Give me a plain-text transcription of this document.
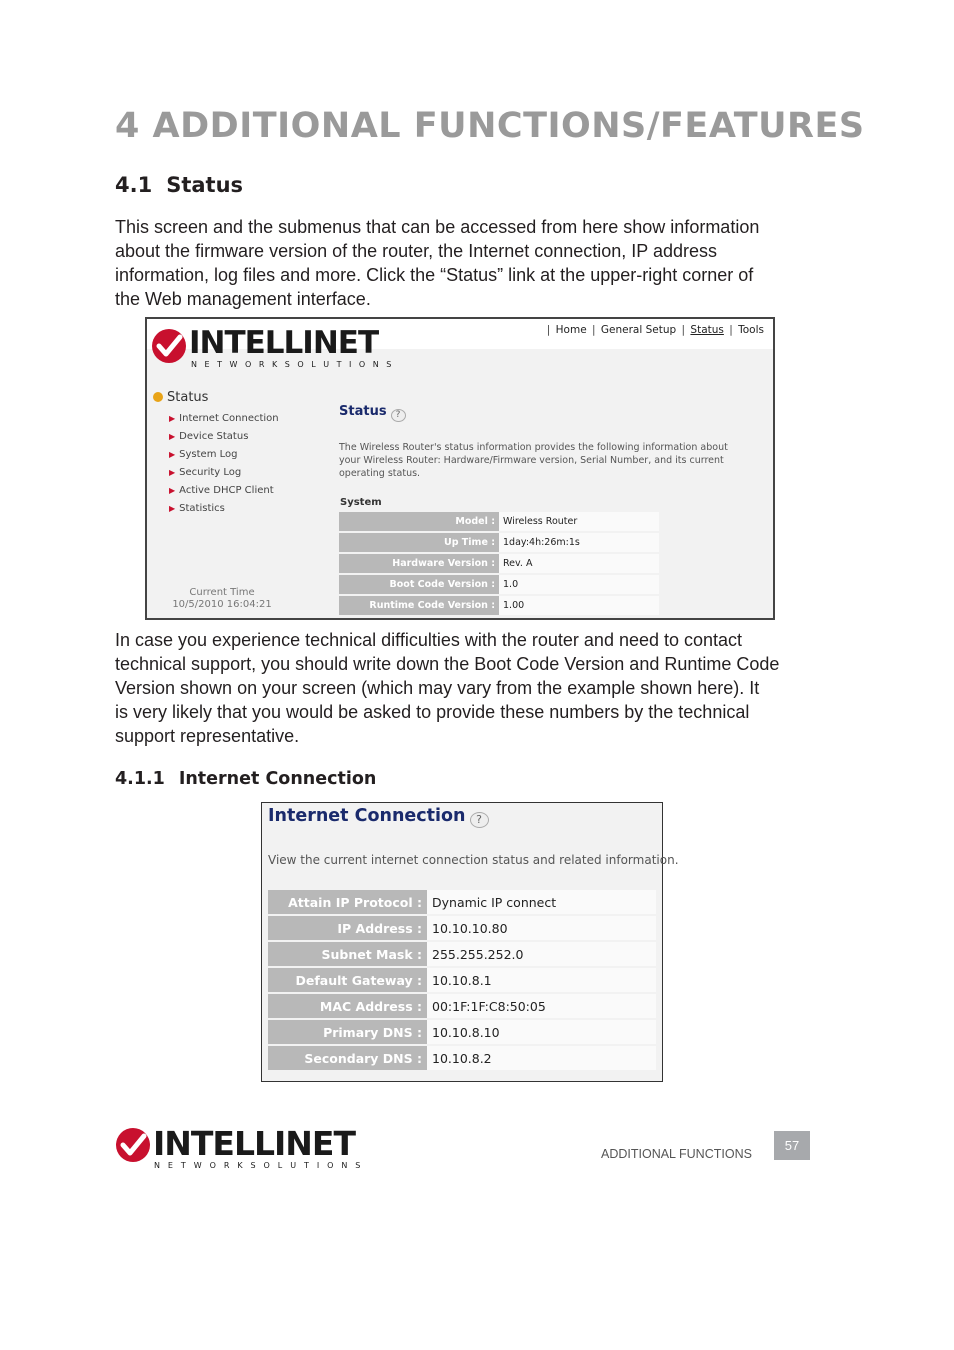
4 ADDITIONAL FUNCTIONS/FEATURES
4.1 Status
This screen and the submenus that can be accessed from here show information
about the firmware version of the router, the Internet connection, IP address
information, log files and more. Click the “Status” link at the upper-right corner of
the Web management interface.
| Home | General Setup | Status | Tools
INTELLINET
N E T W O R K S O L U T I O N S
Status
▶ Internet Connection
▶ Device Status
▶ System Log
▶ Security Log
▶ Active DHCP Client
▶ Statistics
Current Time
10/5/2010 16:04:21
Status ?
The Wireless Router's status information provides the following information about your Wireless Router: Hardware/Firmware version, Serial Number, and its current operating status.
System
Model :	Wireless Router
Up Time :	1day:4h:26m:1s
Hardware Version :	Rev. A
Boot Code Version :	1.0
Runtime Code Version :	1.00
In case you experience technical difficulties with the router and need to contact
technical support, you should write down the Boot Code Version and Runtime Code
Version shown on your screen (which may vary from the example shown here). It
is very likely that you would be asked to provide these numbers by the technical
support representative.
4.1.1 Internet Connection
Internet Connection ?
View the current internet connection status and related information.
Attain IP Protocol :	Dynamic IP connect
IP Address :	10.10.10.80
Subnet Mask :	255.255.252.0
Default Gateway :	10.10.8.1
MAC Address :	00:1F:1F:C8:50:05
Primary DNS :	10.10.8.10
Secondary DNS :	10.10.8.2
INTELLINET
N E T W O R K S O L U T I O N S
ADDITIONAL FUNCTIONS
57
